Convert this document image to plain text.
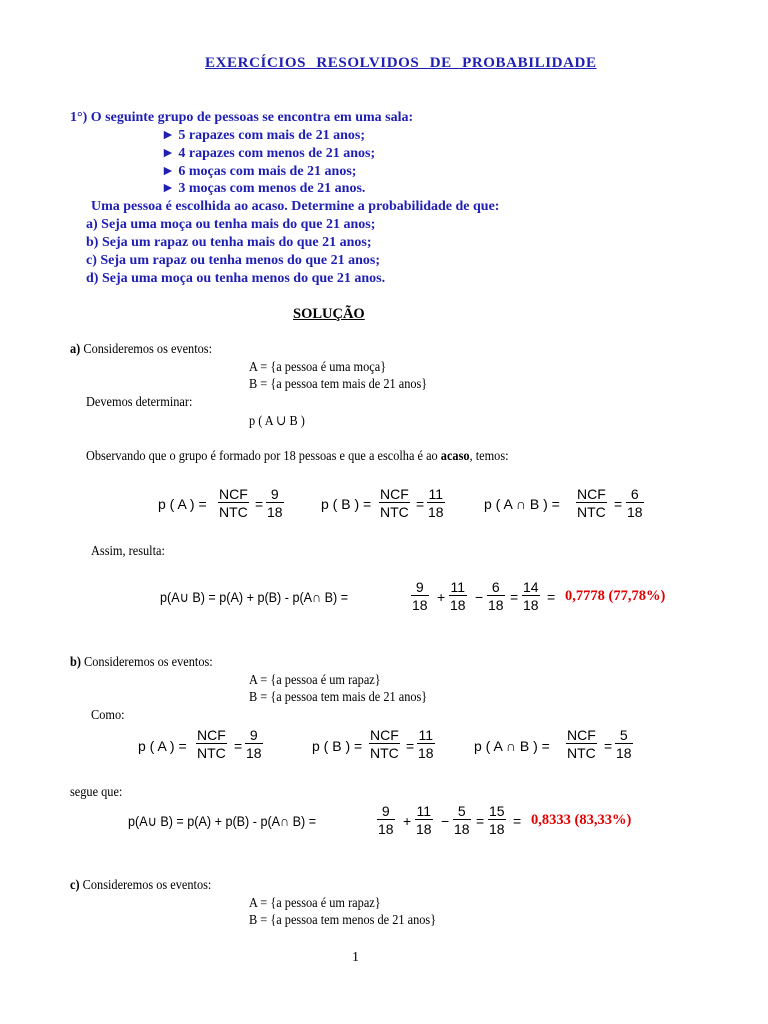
EXERCÍCIOS RESOLVIDOS DE PROBABILIDADE
1°) O seguinte grupo de pessoas se encontra em uma sala:
► 5 rapazes com mais de 21 anos;
► 4 rapazes com menos de 21 anos;
► 6 moças com mais de 21 anos;
► 3 moças com menos de 21 anos.
Uma pessoa é escolhida ao acaso. Determine a probabilidade de que:
a) Seja uma moça ou tenha mais do que 21 anos;
b) Seja um rapaz ou tenha mais do que 21 anos;
c) Seja um rapaz ou tenha menos do que 21 anos;
d) Seja uma moça ou tenha menos do que 21 anos.
SOLUÇÃO
a) Consideremos os eventos:
A = {a pessoa é uma moça}
B = {a pessoa tem mais de 21 anos}
Devemos determinar:
p ( A ∪ B )
Observando que o grupo é formado por 18 pessoas e que a escolha é ao acaso, temos:
p ( A ) =
NCF
NTC = $\frac{9}{18}$	p ( B ) =
NCF
NTC = $\frac{11}{18}$	p ( A ∩ B ) =
NCF
NTC = $\frac{6}{18}$
Assim, resulta:
p(A∪ B) = p(A) + p(B) - p(A∩ B) =	$\frac{9}{18} + \frac{11}{18} - \frac{6}{18} = \frac{14}{18} = 0,7778$ (77,78%)
b) Consideremos os eventos:
A = {a pessoa é um rapaz}
B = {a pessoa tem mais de 21 anos}
Como:
p ( A ) =
NCF
NTC = $\frac{9}{18}$	p ( B ) =
NCF
NTC = $\frac{11}{18}$	p ( A ∩ B ) =
NCF
NTC = $\frac{5}{18}$
segue que:
p(A∪ B) = p(A) + p(B) - p(A∩ B) =	$\frac{9}{18} + \frac{11}{18} - \frac{5}{18} = \frac{15}{18} = 0,8333$ (83,33%)
c) Consideremos os eventos:
A = {a pessoa é um rapaz}
B = {a pessoa tem menos de 21 anos}
1
